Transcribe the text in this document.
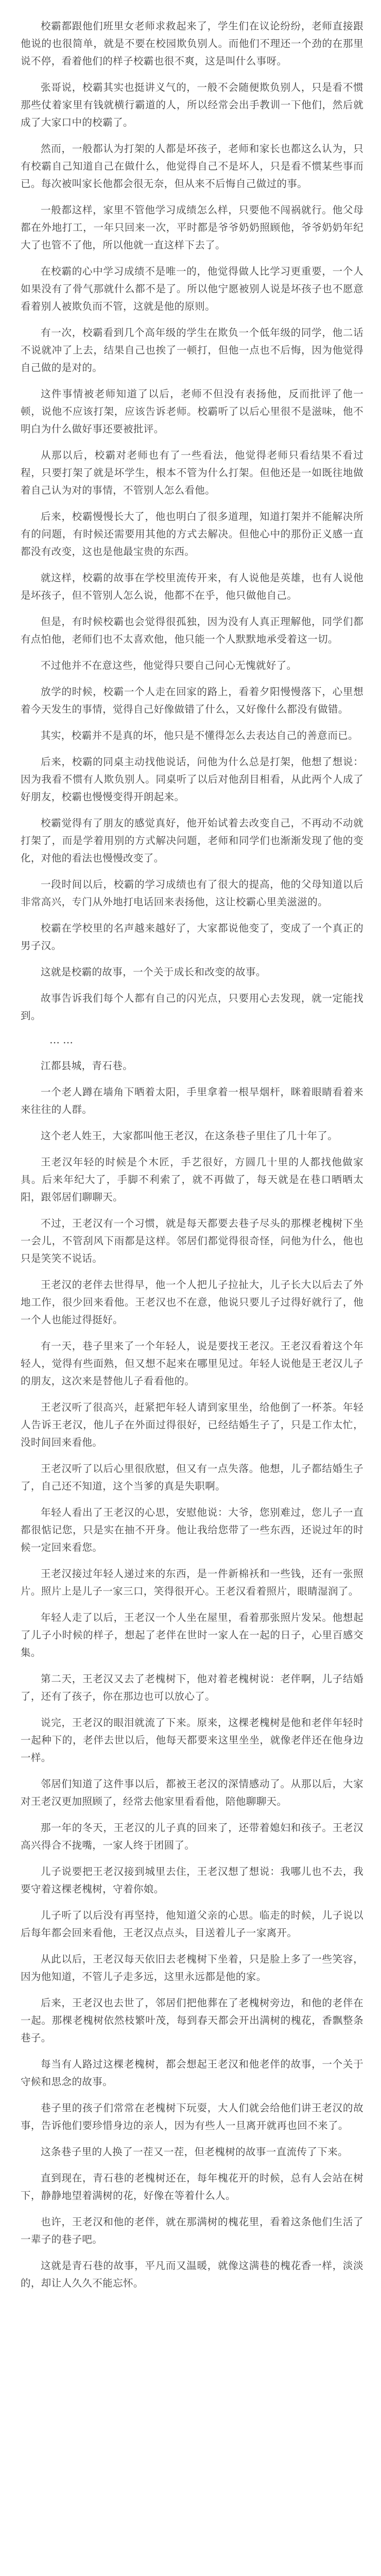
校霸都跟他们班里女老师求救起来了，学生们在议论纷纷，老师直接跟他说的也很简单，就是不要在校园欺负别人。而他们不理还一个劲的在那里说不停，看着他们的样子校霸也很不爽，这是叫什么事呀。

张哥说，校霸其实也挺讲义气的，一般不会随便欺负别人，只是看不惯那些仗着家里有钱就横行霸道的人，所以经常会出手教训一下他们，然后就成了大家口中的校霸了。

然而，一般都认为打架的人都是坏孩子，老师和家长也都这么认为，只有校霸自己知道自己在做什么，他觉得自己不是坏人，只是看不惯某些事而已。每次被叫家长他都会很无奈，但从来不后悔自己做过的事。

一般都这样，家里不管他学习成绩怎么样，只要他不闯祸就行。他父母都在外地打工，一年只回来一次，平时都是爷爷奶奶照顾他，爷爷奶奶年纪大了也管不了他，所以他就一直这样下去了。

在校霸的心中学习成绩不是唯一的，他觉得做人比学习更重要，一个人如果没有了骨气那就什么都不是了。所以他宁愿被别人说是坏孩子也不愿意看着别人被欺负而不管，这就是他的原则。

有一次，校霸看到几个高年级的学生在欺负一个低年级的同学，他二话不说就冲了上去，结果自己也挨了一顿打，但他一点也不后悔，因为他觉得自己做的是对的。

这件事情被老师知道了以后，老师不但没有表扬他，反而批评了他一顿，说他不应该打架，应该告诉老师。校霸听了以后心里很不是滋味，他不明白为什么做好事还要被批评。

从那以后，校霸对老师也有了一些看法，他觉得老师只看结果不看过程，只要打架了就是坏学生，根本不管为什么打架。但他还是一如既往地做着自己认为对的事情，不管别人怎么看他。

后来，校霸慢慢长大了，他也明白了很多道理，知道打架并不能解决所有的问题，有时候还需要用其他的方式去解决。但他心中的那份正义感一直都没有改变，这也是他最宝贵的东西。

就这样，校霸的故事在学校里流传开来，有人说他是英雄，也有人说他是坏孩子，但不管别人怎么说，他都不在乎，他只做他自己。

但是，有时候校霸也会觉得很孤独，因为没有人真正理解他，同学们都有点怕他，老师们也不太喜欢他，他只能一个人默默地承受着这一切。

不过他并不在意这些，他觉得只要自己问心无愧就好了。

放学的时候，校霸一个人走在回家的路上，看着夕阳慢慢落下，心里想着今天发生的事情，觉得自己好像做错了什么，又好像什么都没有做错。

其实，校霸并不是真的坏，他只是不懂得怎么去表达自己的善意而已。

后来，校霸的同桌主动找他说话，问他为什么总是打架，他想了想说：因为我看不惯有人欺负别人。同桌听了以后对他刮目相看，从此两个人成了好朋友，校霸也慢慢变得开朗起来。

校霸觉得有了朋友的感觉真好，他开始试着去改变自己，不再动不动就打架了，而是学着用别的方式解决问题，老师和同学们也渐渐发现了他的变化，对他的看法也慢慢改变了。

一段时间以后，校霸的学习成绩也有了很大的提高，他的父母知道以后非常高兴，专门从外地打电话回来表扬他，这让校霸心里美滋滋的。

校霸在学校里的名声越来越好了，大家都说他变了，变成了一个真正的男子汉。

这就是校霸的故事，一个关于成长和改变的故事。

故事告诉我们每个人都有自己的闪光点，只要用心去发现，就一定能找到。

……

江都县城，青石巷。

一个老人蹲在墙角下晒着太阳，手里拿着一根旱烟杆，眯着眼睛看着来来往往的人群。

这个老人姓王，大家都叫他王老汉，在这条巷子里住了几十年了。

王老汉年轻的时候是个木匠，手艺很好，方圆几十里的人都找他做家具。后来年纪大了，手脚不利索了，就不再做了，每天就是在巷口晒晒太阳，跟邻居们聊聊天。

不过，王老汉有一个习惯，就是每天都要去巷子尽头的那棵老槐树下坐一会儿，不管刮风下雨都是这样。邻居们都觉得很奇怪，问他为什么，他也只是笑笑不说话。

王老汉的老伴去世得早，他一个人把儿子拉扯大，儿子长大以后去了外地工作，很少回来看他。王老汉也不在意，他说只要儿子过得好就行了，他一个人也能过得挺好。

有一天，巷子里来了一个年轻人，说是要找王老汉。王老汉看着这个年轻人，觉得有些面熟，但又想不起来在哪里见过。年轻人说他是王老汉儿子的朋友，这次来是替他儿子看看他的。

王老汉听了很高兴，赶紧把年轻人请到家里坐，给他倒了一杯茶。年轻人告诉王老汉，他儿子在外面过得很好，已经结婚生子了，只是工作太忙，没时间回来看他。

王老汉听了以后心里很欣慰，但又有一点失落。他想，儿子都结婚生子了，自己还不知道，这个当爹的真是失职啊。

年轻人看出了王老汉的心思，安慰他说：大爷，您别难过，您儿子一直都很惦记您，只是实在抽不开身。他让我给您带了一些东西，还说过年的时候一定回来看您。

王老汉接过年轻人递过来的东西，是一件新棉袄和一些钱，还有一张照片。照片上是儿子一家三口，笑得很开心。王老汉看着照片，眼睛湿润了。

年轻人走了以后，王老汉一个人坐在屋里，看着那张照片发呆。他想起了儿子小时候的样子，想起了老伴在世时一家人在一起的日子，心里百感交集。

第二天，王老汉又去了老槐树下，他对着老槐树说：老伴啊，儿子结婚了，还有了孩子，你在那边也可以放心了。

说完，王老汉的眼泪就流了下来。原来，这棵老槐树是他和老伴年轻时一起种下的，老伴去世以后，他每天都要来这里坐坐，就像老伴还在他身边一样。

邻居们知道了这件事以后，都被王老汉的深情感动了。从那以后，大家对王老汉更加照顾了，经常去他家里看看他，陪他聊聊天。

那一年的冬天，王老汉的儿子真的回来了，还带着媳妇和孩子。王老汉高兴得合不拢嘴，一家人终于团圆了。

儿子说要把王老汉接到城里去住，王老汉想了想说：我哪儿也不去，我要守着这棵老槐树，守着你娘。

儿子听了以后没有再坚持，他知道父亲的心思。临走的时候，儿子说以后每年都会回来看他，王老汉点点头，目送着儿子一家离开。

从此以后，王老汉每天依旧去老槐树下坐着，只是脸上多了一些笑容，因为他知道，不管儿子走多远，这里永远都是他的家。

后来，王老汉也去世了，邻居们把他葬在了老槐树旁边，和他的老伴在一起。那棵老槐树依然枝繁叶茂，每到春天都会开出满树的槐花，香飘整条巷子。

每当有人路过这棵老槐树，都会想起王老汉和他老伴的故事，一个关于守候和思念的故事。

巷子里的孩子们常常在老槐树下玩耍，大人们就会给他们讲王老汉的故事，告诉他们要珍惜身边的亲人，因为有些人一旦离开就再也回不来了。

这条巷子里的人换了一茬又一茬，但老槐树的故事一直流传了下来。

直到现在，青石巷的老槐树还在，每年槐花开的时候，总有人会站在树下，静静地望着满树的花，好像在等着什么人。

也许，王老汉和他的老伴，就在那满树的槐花里，看着这条他们生活了一辈子的巷子吧。

这就是青石巷的故事，平凡而又温暖，就像这满巷的槐花香一样，淡淡的，却让人久久不能忘怀。
